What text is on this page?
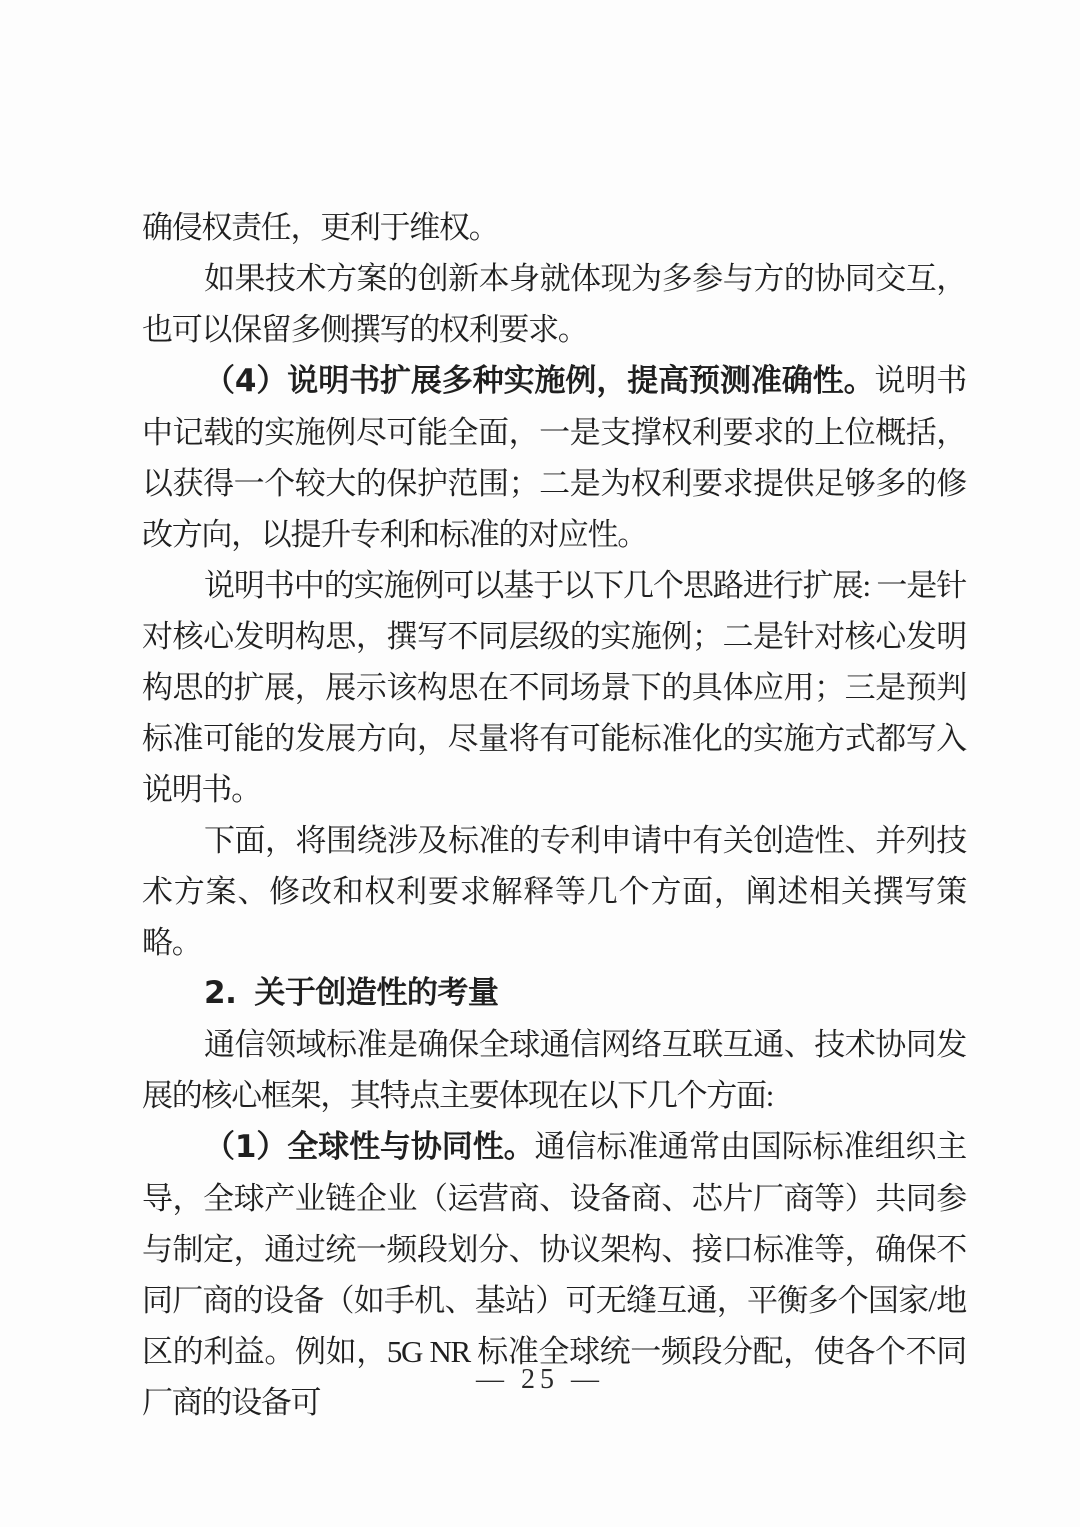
确侵权责任，更利于维权。

如果技术方案的创新本身就体现为多参与方的协同交互，也可以保留多侧撰写的权利要求。

（4）说明书扩展多种实施例，提高预测准确性。说明书中记载的实施例尽可能全面，一是支撑权利要求的上位概括，以获得一个较大的保护范围；二是为权利要求提供足够多的修改方向，以提升专利和标准的对应性。

说明书中的实施例可以基于以下几个思路进行扩展: 一是针对核心发明构思，撰写不同层级的实施例；二是针对核心发明构思的扩展，展示该构思在不同场景下的具体应用；三是预判标准可能的发展方向，尽量将有可能标准化的实施方式都写入说明书。

下面，将围绕涉及标准的专利申请中有关创造性、并列技术方案、修改和权利要求解释等几个方面，阐述相关撰写策略。

2. 关于创造性的考量

通信领域标准是确保全球通信网络互联互通、技术协同发展的核心框架，其特点主要体现在以下几个方面:

（1）全球性与协同性。通信标准通常由国际标准组织主导，全球产业链企业（运营商、设备商、芯片厂商等）共同参与制定，通过统一频段划分、协议架构、接口标准等，确保不同厂商的设备（如手机、基站）可无缝互通，平衡多个国家/地区的利益。例如，5G NR 标准全球统一频段分配，使各个不同厂商的设备可

— 25 —
